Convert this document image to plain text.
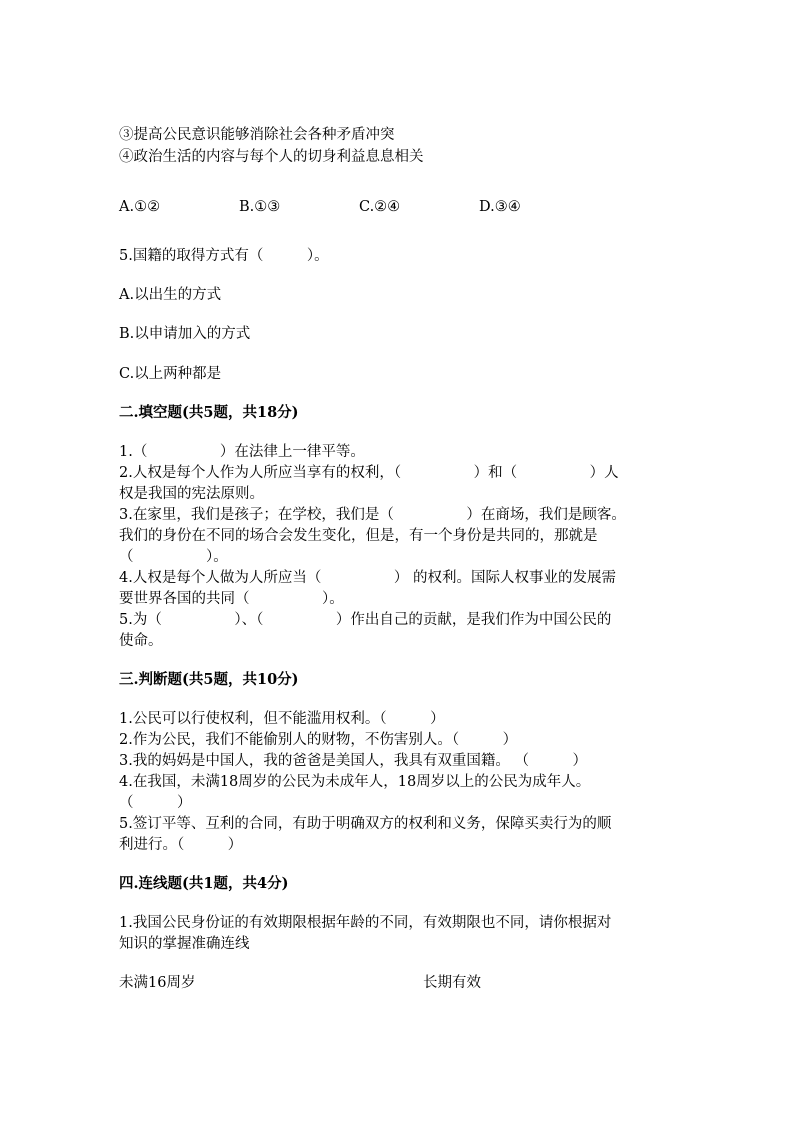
③提高公民意识能够消除社会各种矛盾冲突
④政治生活的内容与每个人的切身利益息息相关
A.①②	B.①③	C.②④	D.③④
5.国籍的取得方式有（　　　）。
A.以出生的方式
B.以申请加入的方式
C.以上两种都是
二.填空题(共5题，共18分)
1.（　　　　　）在法律上一律平等。
2.人权是每个人作为人所应当享有的权利，（　　　　　）和（　　　　　）人
权是我国的宪法原则。
3.在家里，我们是孩子；在学校，我们是（　　　　　）在商场，我们是顾客。
我们的身份在不同的场合会发生变化，但是，有一个身份是共同的，那就是
（　　　　　）。
4.人权是每个人做为人所应当（　　　　　） 的权利。国际人权事业的发展需
要世界各国的共同（　　　　　）。
5.为（　　　　　）、（　　　　　）作出自己的贡献，是我们作为中国公民的
使命。
三.判断题(共5题，共10分)
1.公民可以行使权利，但不能滥用权利。（　　　）
2.作为公民，我们不能偷别人的财物，不伤害别人。（　　　）
3.我的妈妈是中国人，我的爸爸是美国人，我具有双重国籍。 （　　　）
4.在我国，未满18周岁的公民为未成年人，18周岁以上的公民为成年人。
（　　　）
5.签订平等、互利的合同，有助于明确双方的权利和义务，保障买卖行为的顺
利进行。（　　　）
四.连线题(共1题，共4分)
1.我国公民身份证的有效期限根据年龄的不同，有效期限也不同，请你根据对
知识的掌握准确连线
未满16周岁	长期有效
